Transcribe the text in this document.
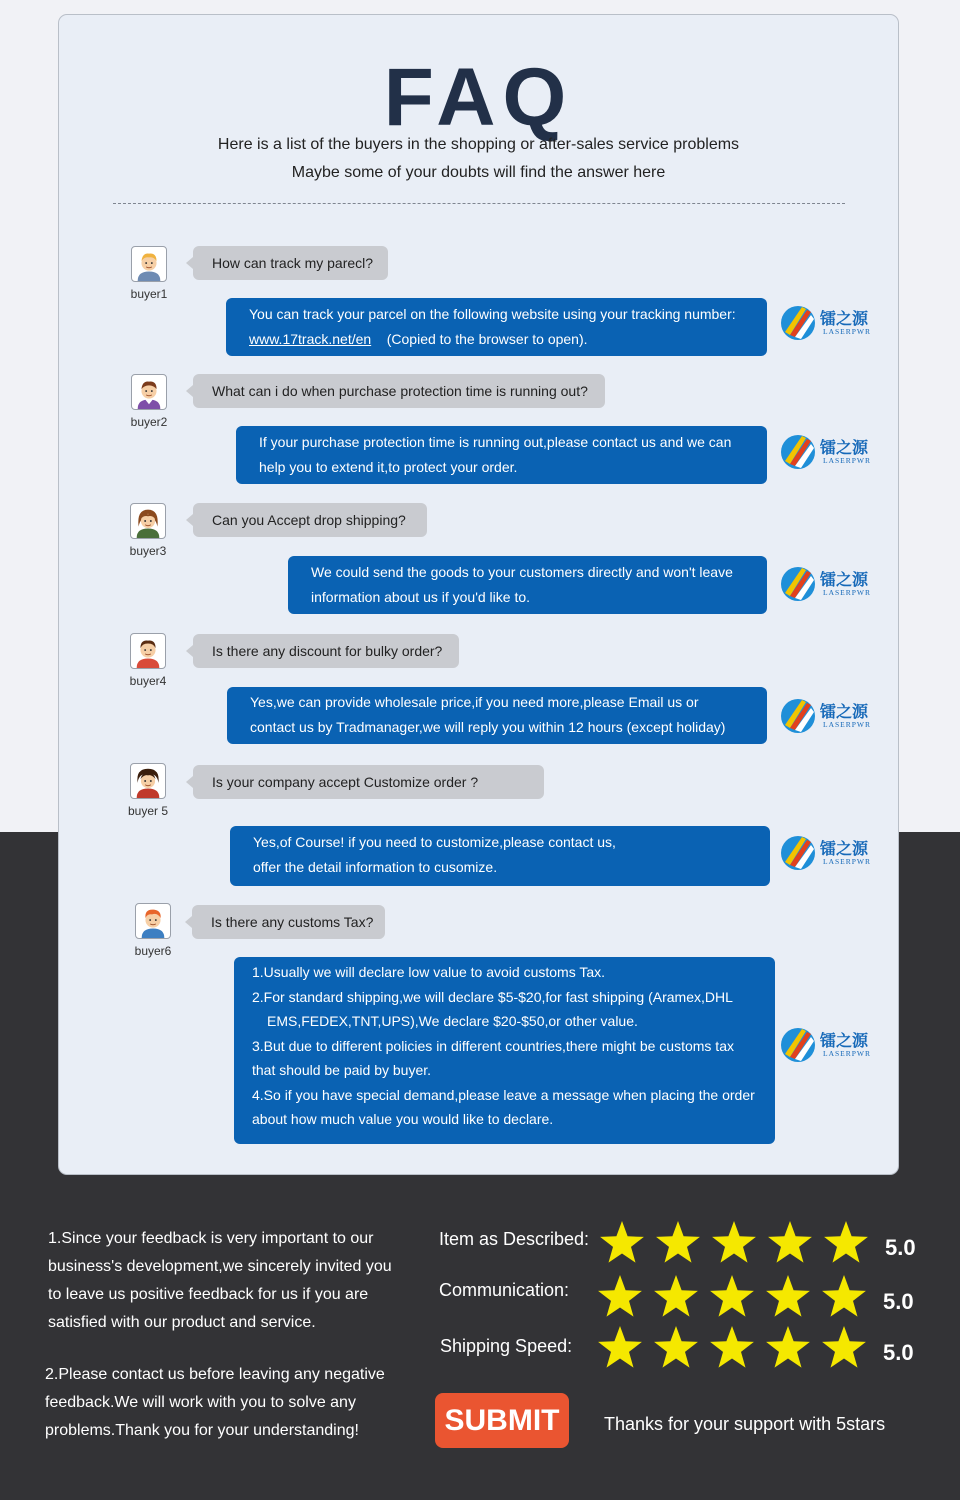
FAQ
Here is a list of the buyers in the shopping or after-sales service problems
Maybe some of your doubts will find the answer here
buyer1
How can track my parecl?
You can track your parcel on the following website using your tracking number:
www.17track.net/en (Copied to the browser to open).
镭之源
LASERPWR
buyer2
What can i do when purchase protection time is running out?
If your purchase protection time is running out,please contact us and we can
help you to extend it,to protect your order.
镭之源
LASERPWR
buyer3
Can you Accept drop shipping?
We could send the goods to your customers directly and won't leave
information about us if you'd like to.
镭之源
LASERPWR
buyer4
Is there any discount for bulky order?
Yes,we can provide wholesale price,if you need more,please Email us or
contact us by Tradmanager,we will reply you within 12 hours (except holiday)
镭之源
LASERPWR
buyer 5
Is your company accept Customize order ?
Yes,of Course! if you need to customize,please contact us,
offer the detail information to cusomize.
镭之源
LASERPWR
buyer6
Is there any customs Tax?
1.Usually we will declare low value to avoid customs Tax.
2.For standard shipping,we will declare $5-$20,for fast shipping (Aramex,DHL
EMS,FEDEX,TNT,UPS),We declare $20-$50,or other value.
3.But due to different policies in different countries,there might be customs tax
that should be paid by buyer.
4.So if you have special demand,please leave a message when placing the order
about how much value you would like to declare.
镭之源
LASERPWR
1.Since your feedback is very important to our business's development,we sincerely invited you to leave us positive feedback for us if you are satisfied with our product and service.
2.Please contact us before leaving any negative feedback.We will work with you to solve any problems.Thank you for your understanding!
Item as Described:	5.0
Communication:	5.0
Shipping Speed:	5.0
SUBMIT	Thanks for your support with 5stars
